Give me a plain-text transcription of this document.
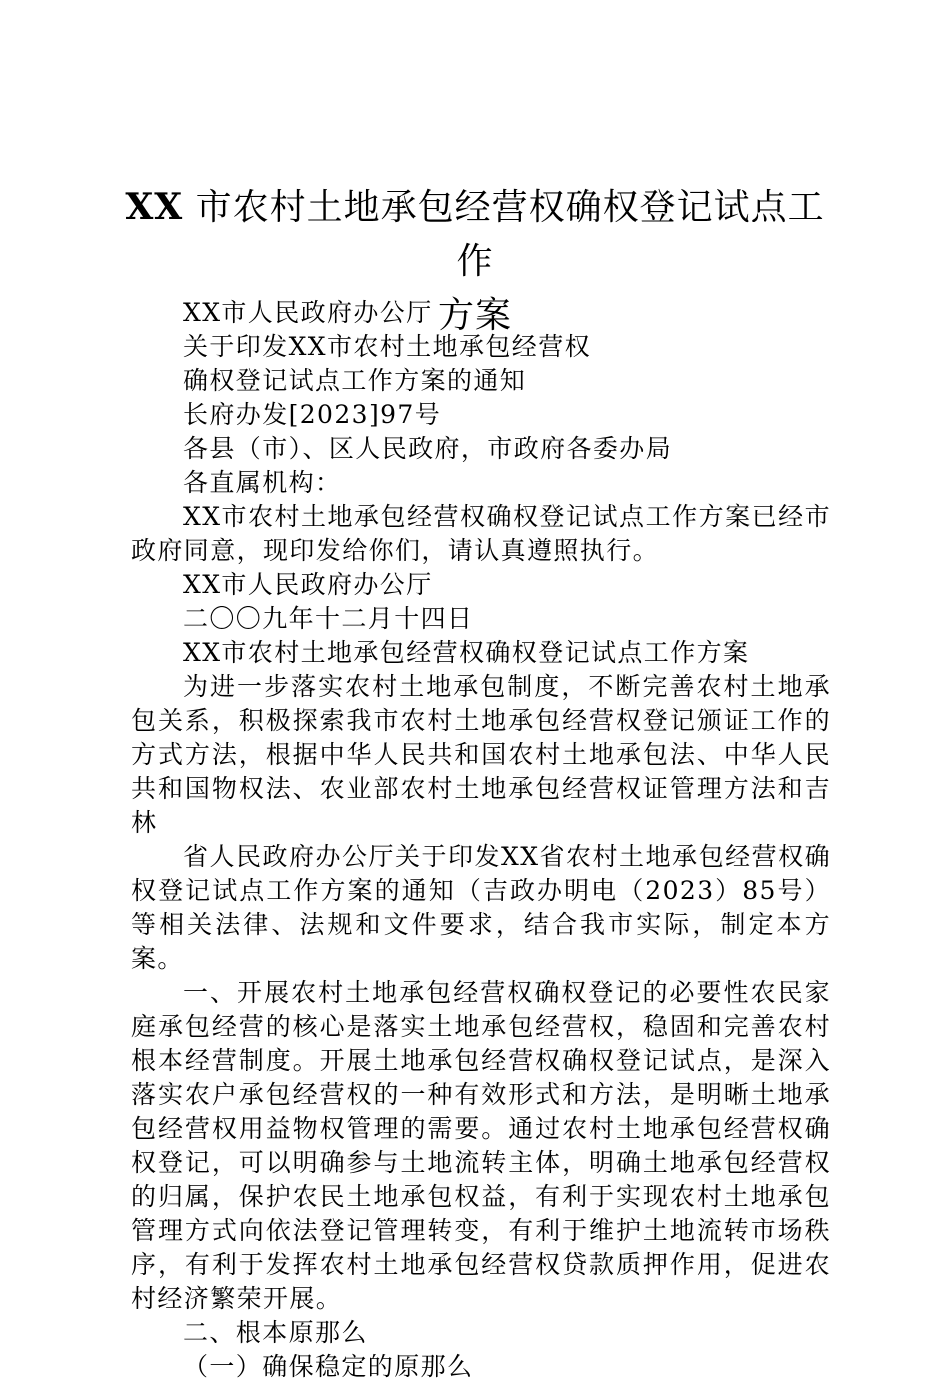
XX 市农村土地承包经营权确权登记试点工作
方案

XX市人民政府办公厅

关于印发XX市农村土地承包经营权

确权登记试点工作方案的通知

长府办发[2023]97号

各县（市）、区人民政府，市政府各委办局

各直属机构：

XX市农村土地承包经营权确权登记试点工作方案已经市政府同意，现印发给你们，请认真遵照执行。

XX市人民政府办公厅

二〇〇九年十二月十四日

XX市农村土地承包经营权确权登记试点工作方案

为进一步落实农村土地承包制度，不断完善农村土地承包关系，积极探索我市农村土地承包经营权登记颁证工作的方式方法，根据中华人民共和国农村土地承包法、中华人民共和国物权法、农业部农村土地承包经营权证管理方法和吉林

省人民政府办公厅关于印发XX省农村土地承包经营权确权登记试点工作方案的通知（吉政办明电（2023）85号）等相关法律、法规和文件要求，结合我市实际，制定本方案。

一、开展农村土地承包经营权确权登记的必要性农民家庭承包经营的核心是落实土地承包经营权，稳固和完善农村根本经营制度。开展土地承包经营权确权登记试点，是深入落实农户承包经营权的一种有效形式和方法，是明晰土地承包经营权用益物权管理的需要。通过农村土地承包经营权确权登记，可以明确参与土地流转主体，明确土地承包经营权的归属，保护农民土地承包权益，有利于实现农村土地承包管理方式向依法登记管理转变，有利于维护土地流转市场秩序，有利于发挥农村土地承包经营权贷款质押作用，促进农村经济繁荣开展。

二、根本原那么

（一）确保稳定的原那么
